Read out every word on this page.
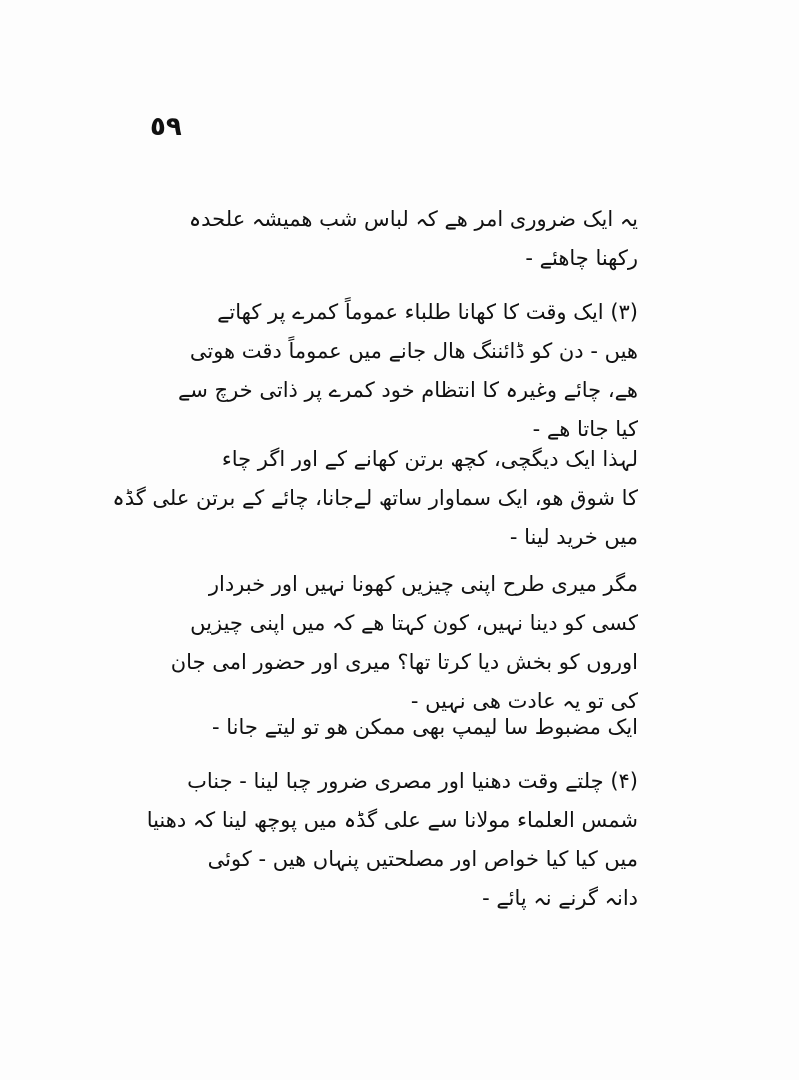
٥٩
یہ ایک ضروری امر ھے کہ لباس شب ھمیشہ علحدہ
رکھنا چاھئے -
(۳) ایک وقت کا کھانا طلباء عموماً کمرے پر کھاتے
ھیں - دن کو ڈائننگ ھال جانے میں عموماً دقت ھوتی
ھے، چائے وغیرہ کا انتظام خود کمرے پر ذاتی خرچ سے
کیا جاتا ھے -
لہذا ایک دیگچی، کچھ برتن کھانے کے اور اگر چاء
کا شوق ھو، ایک سماوار ساتھ لےجانا، چائے کے برتن علی گڈہ
میں خرید لینا -
مگر میری طرح اپنی چیزیں کھونا نہیں اور خبردار
کسی کو دینا نہیں، کون کہتا ھے کہ میں اپنی چیزیں
اوروں کو بخش دیا کرتا تھا؟ میری اور حضور امی جان
کی تو یہ عادت ھی نہیں -
ایک مضبوط سا لیمپ بھی ممکن ھو تو لیتے جانا -
(۴) چلتے وقت دھنیا اور مصری ضرور چبا لینا - جناب
شمس العلماء مولانا سے علی گڈہ میں پوچھ لینا کہ دھنیا
میں کیا کیا خواص اور مصلحتیں پنہاں ھیں - کوئی
دانہ گرنے نہ پائے -
